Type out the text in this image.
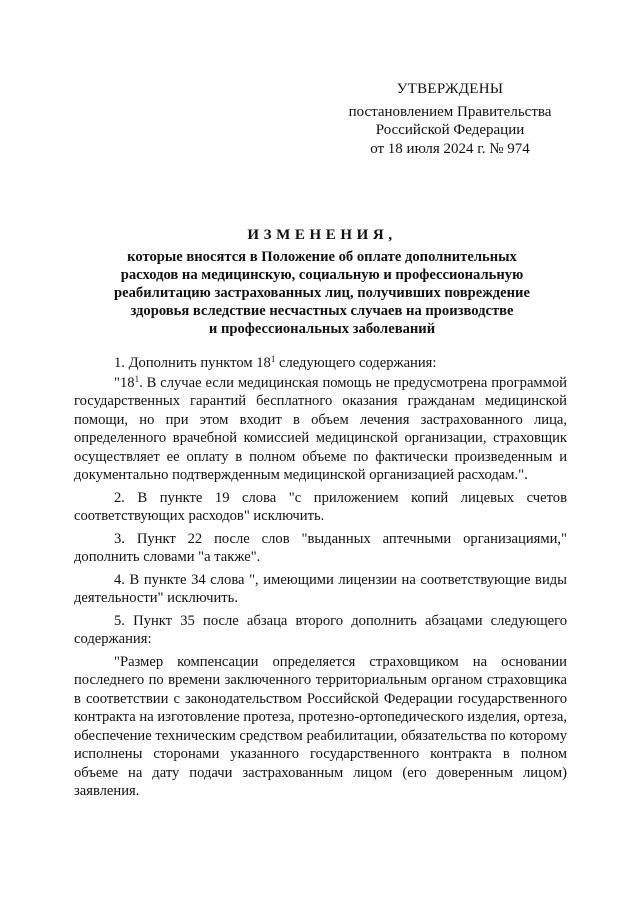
УТВЕРЖДЕНЫ
постановлением Правительства
Российской Федерации
от 18 июля 2024 г. № 974
ИЗМЕНЕНИЯ,
которые вносятся в Положение об оплате дополнительных
расходов на медицинскую, социальную и профессиональную
реабилитацию застрахованных лиц, получивших повреждение
здоровья вследствие несчастных случаев на производстве
и профессиональных заболеваний

1. Дополнить пунктом $18^1$ следующего содержания:

"$18^1$. В случае если медицинская помощь не предусмотрена программой государственных гарантий бесплатного оказания гражданам медицинской помощи, но при этом входит в объем лечения застрахованного лица, определенного врачебной комиссией медицинской организации, страховщик осуществляет ее оплату в полном объеме по фактически произведенным и документально подтвержденным медицинской организацией расходам.".

2. В пункте 19 слова "с приложением копий лицевых счетов соответствующих расходов" исключить.

3. Пункт 22 после слов "выданных аптечными организациями," дополнить словами "а также".

4. В пункте 34 слова ", имеющими лицензии на соответствующие виды деятельности" исключить.

5. Пункт 35 после абзаца второго дополнить абзацами следующего содержания:

"Размер компенсации определяется страховщиком на основании последнего по времени заключенного территориальным органом страховщика в соответствии с законодательством Российской Федерации государственного контракта на изготовление протеза, протезно-ортопедического изделия, ортеза, обеспечение техническим средством реабилитации, обязательства по которому исполнены сторонами указанного государственного контракта в полном объеме на дату подачи застрахованным лицом (его доверенным лицом) заявления.
